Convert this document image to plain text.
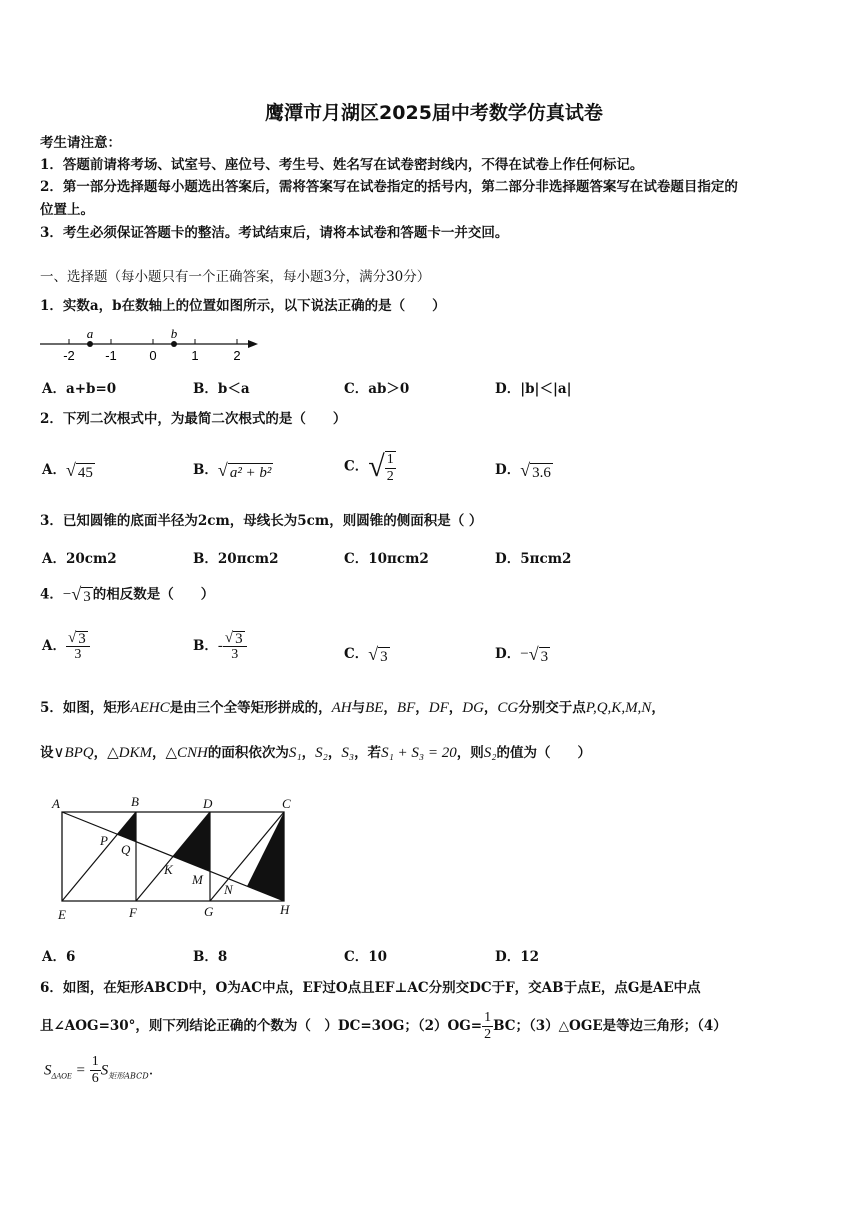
鹰潭市月湖区2025届中考数学仿真试卷
考生请注意：
1．答题前请将考场、试室号、座位号、考生号、姓名写在试卷密封线内，不得在试卷上作任何标记。
2．第一部分选择题每小题选出答案后，需将答案写在试卷指定的括号内，第二部分非选择题答案写在试卷题目指定的
位置上。
3．考生必须保证答题卡的整洁。考试结束后，请将本试卷和答题卡一并交回。
一、选择题（每小题只有一个正确答案，每小题3分，满分30分）
1．实数a，b在数轴上的位置如图所示，以下说法正确的是（　　）
-2 -1	0	1	2
a	b
A．a+b=0	B．b＜a	C．ab＞0	D．|b|＜|a|
2．下列二次根式中，为最简二次根式的是（　　）
A． √ 45	B． √ a² + b²	C． √ $\frac{1}{2}$	D． √ 3.6
3．已知圆锥的底面半径为2cm，母线长为5cm，则圆锥的侧面积是（ ）
A．20cm2	B．20πcm2	C．10πcm2	D．5πcm2
4．− √ 3 的相反数是（　　）
A． $\frac{√ 3}{3}$	B．- $\frac{√ 3}{3}$	C． √ 3	D．− √ 3
5．如图，矩形AEHC是由三个全等矩形拼成的，AH与BE，BF，DF，DG，CG分别交于点P,Q,K,M,N，
设∨BPQ，△DKM，△CNH的面积依次为S₁，S₂，S₃，若S₁ + S₃ = 20，则S₂的值为（　　）
A	B	D	C
P
Q
K
M
N
E	F	G	H
A．6	B．8	C．10	D．12
6．如图，在矩形ABCD中，O为AC中点，EF过O点且EF⊥AC分别交DC于F，交AB于点E，点G是AE中点
且∠AOG=30°，则下列结论正确的个数为（　）DC=3OG；$(2)OG= \frac{1}{2}$ BC；（3）△OGE是等边三角形；（4）
$S_{\Delta AOE} = \frac{1}{6} S_{矩形ABCD}$.
